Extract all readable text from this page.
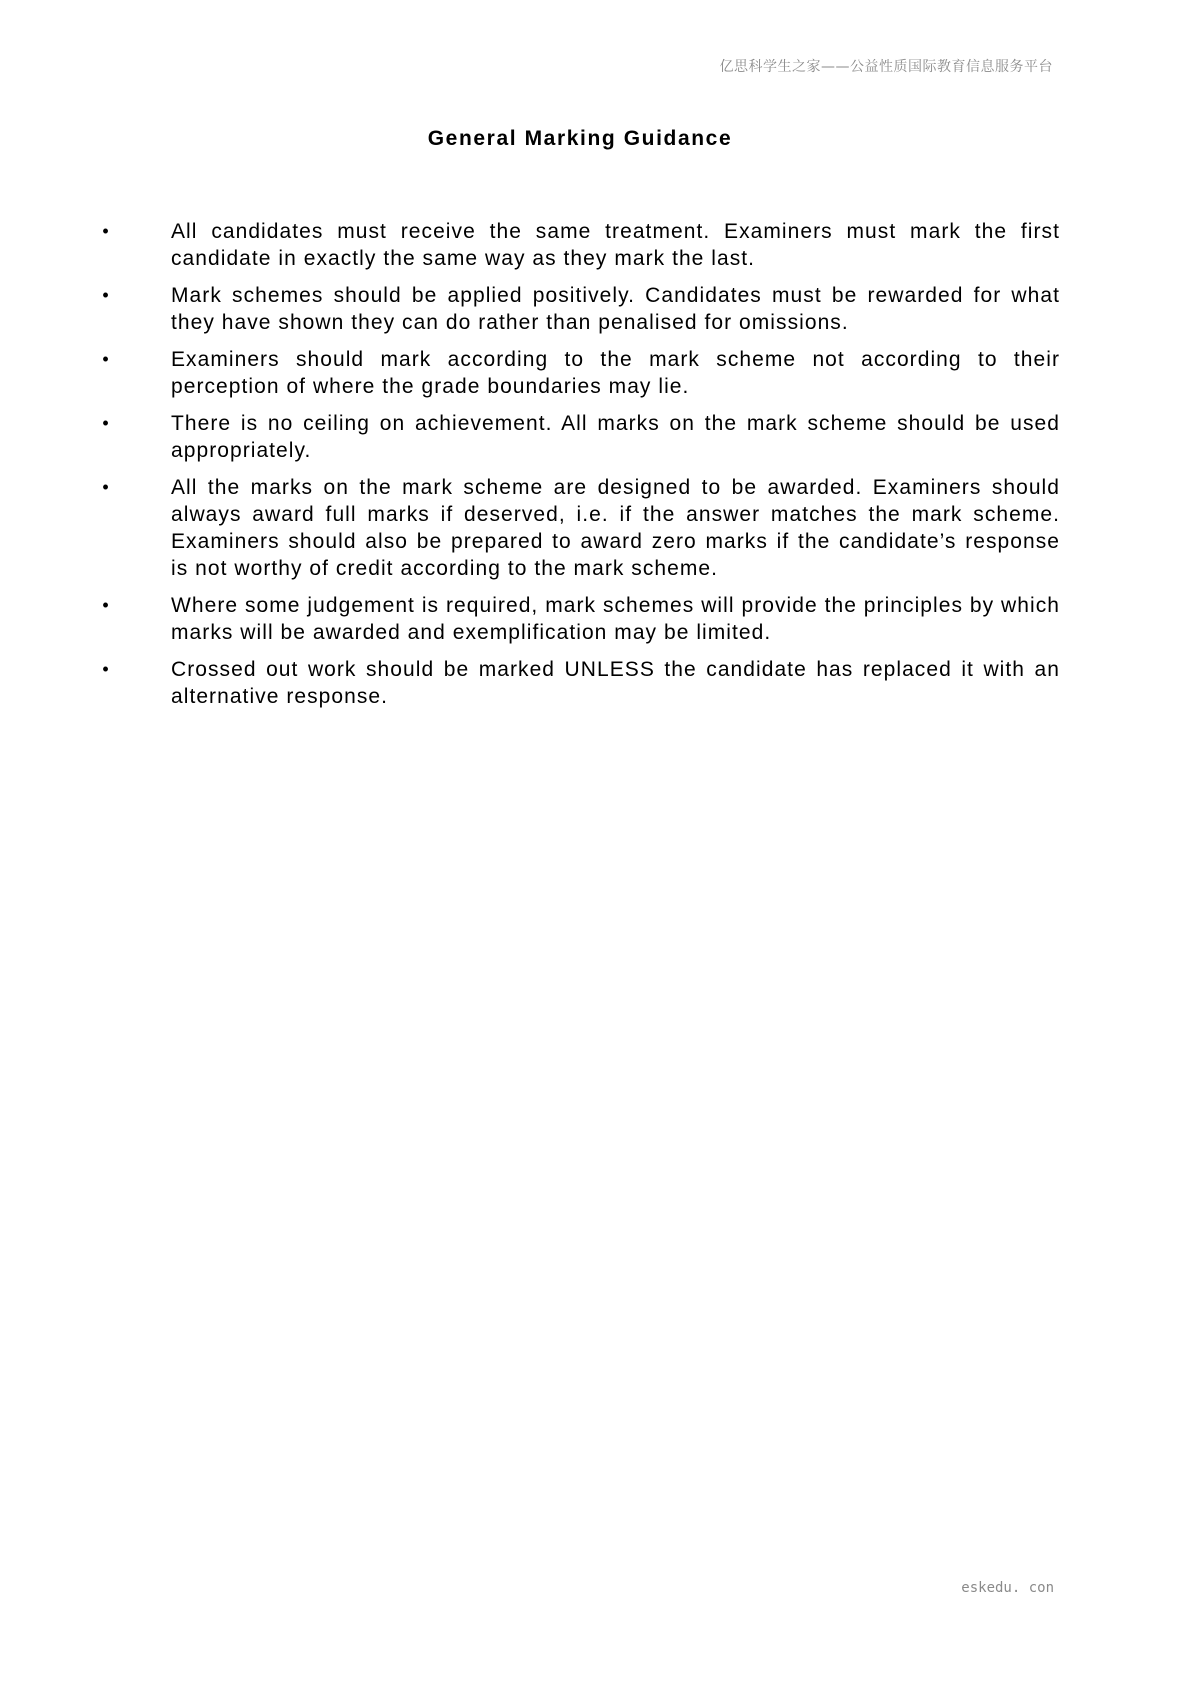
亿思科学生之家——公益性质国际教育信息服务平台
General Marking Guidance
•	All candidates must receive the same treatment. Examiners must mark the first candidate in exactly the same way as they mark the last.
•	Mark schemes should be applied positively. Candidates must be rewarded for what they have shown they can do rather than penalised for omissions.
•	Examiners should mark according to the mark scheme not according to their perception of where the grade boundaries may lie.
•	There is no ceiling on achievement. All marks on the mark scheme should be used appropriately.
•	All the marks on the mark scheme are designed to be awarded. Examiners should always award full marks if deserved, i.e. if the answer matches the mark scheme. Examiners should also be prepared to award zero marks if the candidate’s response is not worthy of credit according to the mark scheme.
•	Where some judgement is required, mark schemes will provide the principles by which marks will be awarded and exemplification may be limited.
•	Crossed out work should be marked UNLESS the candidate has replaced it with an alternative response.
eskedu. con
